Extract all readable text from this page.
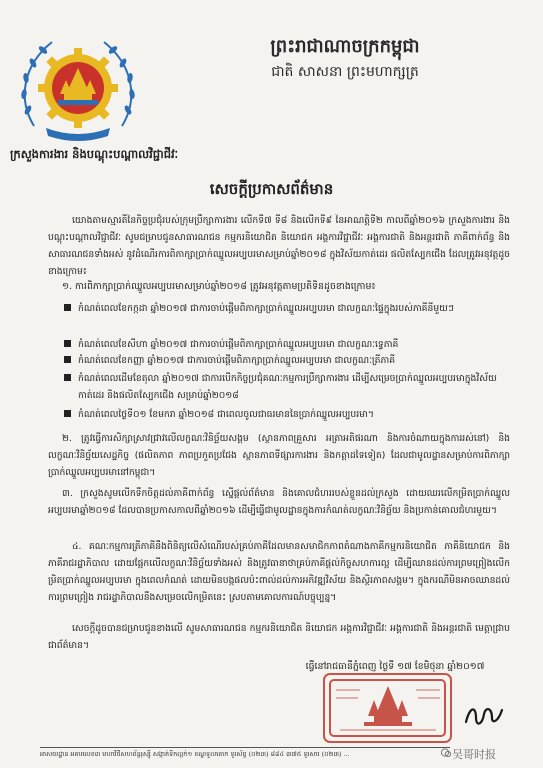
ព្រះរាជាណាចក្រកម្ពុជា
ជាតិ សាសនា ព្រះមហាក្សត្រ
ក្រសួងការងារ និងបណ្តុះបណ្តាលវិជ្ជាជីវៈ
សេចក្តីប្រកាសព័ត៌មាន
យោងតាមស្មារតីនៃកិច្ចប្រជុំរបស់ក្រុមប្រឹក្សាការងារ លើកទី៧ ទី៨ និងលើកទី៩ នៃអាណត្តិទី២ កាលពីឆ្នាំ២០១៦ ក្រសួងការងារ និងបណ្តុះបណ្តាលវិជ្ជាជីវៈ សូមជម្រាបជូនសាធារណជន កម្មករនិយោជិត និយោជក អង្គការវិជ្ជាជីវៈ អង្គការជាតិ និងអន្តរជាតិ ភាគីពាក់ព័ន្ធ និងសាធារណជនទាំងអស់ នូវដំណើរការពិភាក្សាប្រាក់ឈ្នួលអប្បបរមាសម្រាប់ឆ្នាំ២០១៨ ក្នុងវិស័យកាត់ដេរ ផលិតស្បែកជើង ដែលត្រូវអនុវត្តដូចខាងក្រោម៖
១. ការពិភាក្សាប្រាក់ឈ្នួលអប្បបរមាសម្រាប់ឆ្នាំ២០១៨ ត្រូវអនុវត្តតាមប្រតិទិនដូចខាងក្រោម៖
កំណត់ពេលខែកក្កដា ឆ្នាំ២០១៧ ជាការចាប់ផ្តើមពិភាក្សាប្រាក់ឈ្នួលអប្បបរមា ជាលក្ខណៈផ្ទៃក្នុងរបស់ភាគីនីមួយៗ
កំណត់ពេលខែសីហា ឆ្នាំ២០១៧ ជាការចាប់ផ្តើមពិភាក្សាប្រាក់ឈ្នួលអប្បបរមា ជាលក្ខណៈទ្វេភាគី
កំណត់ពេលខែកញ្ញា ឆ្នាំ២០១៧ ជាការចាប់ផ្តើមពិភាក្សាប្រាក់ឈ្នួលអប្បបរមា ជាលក្ខណៈត្រីភាគី
កំណត់ពេលដើមខែតុលា ឆ្នាំ២០១៧ ជាការបើកកិច្ចប្រជុំគណៈកម្មការប្រឹក្សាការងារ ដើម្បីសម្រេចប្រាក់ឈ្នួលអប្បបរមាក្នុងវិស័យកាត់ដេរ និងផលិតស្បែកជើង សម្រាប់ឆ្នាំ២០១៨
កំណត់ពេលថ្ងៃទី០១ ខែមករា ឆ្នាំ២០១៨ ជាពេលចូលជាធរមាននៃប្រាក់ឈ្នួលអប្បបរមា។
២. ត្រូវធ្វើការសិក្សាស្រាវជ្រាវលើលក្ខណៈវិនិច្ឆ័យសង្គម (ស្ថានភាពគ្រួសារ អត្រាអតិផរណា និងការចំណាយក្នុងការរស់នៅ) និងលក្ខណៈវិនិច្ឆ័យសេដ្ឋកិច្ច (ផលិតភាព ភាពប្រកួតប្រជែង ស្ថានភាពទីផ្សារការងារ និងកត្តាដទៃទៀត) ដែលជាមូលដ្ឋានសម្រាប់ការពិភាក្សាប្រាក់ឈ្នួលអប្បបរមានៅកម្ពុជា។
៣. ក្រសួងសូមលើកទឹកចិត្តដល់ភាគីពាក់ព័ន្ធ ស្នើផ្តល់ព័ត៌មាន និងគោលជំហររបស់ខ្លួនដល់ក្រសួង ដោយឈរលើកម្រិតប្រាក់ឈ្នួលអប្បបរមាឆ្នាំ២០១៨ ដែលបានប្រកាសកាលពីឆ្នាំ២០១៦ ដើម្បីធ្វើជាមូលដ្ឋានក្នុងការកំណត់លក្ខណៈវិនិច្ឆ័យ និងប្រកាន់គោលជំហរមួយ។
៤. គណៈកម្មការត្រីភាគីនឹងពិនិត្យលើសំណើរបស់គ្រប់ភាគីដែលមានសមាជិកភាពតំណាងភាគីកម្មករនិយោជិត ភាគីនិយោជក និងភាគីរាជរដ្ឋាភិបាល ដោយផ្អែកលើលក្ខណៈវិនិច្ឆ័យទាំងអស់ និងត្រូវធានាថាគ្រប់ភាគីផ្តល់កិច្ចសហការល្អ ដើម្បីឈានដល់ការព្រមព្រៀងលើកម្រិតប្រាក់ឈ្នួលអប្បបរមា ក្នុងពេលកំណត់ ដោយមិនបង្កផលប៉ះពាល់ដល់ការអភិវឌ្ឍវិស័យ និងស្ថិរភាពសង្គម។ ក្នុងករណីមិនអាចឈានដល់ការព្រមព្រៀង រាជរដ្ឋាភិបាលនឹងសម្រេចលើកម្រិតនេះ ស្របតាមគោលការណ៍បច្ចុប្បន្ន។
សេចក្តីដូចបានជម្រាបជូនខាងលើ សូមសាធារណជន កម្មករនិយោជិត និយោជក អង្គការវិជ្ជាជីវៈ អង្គការជាតិ និងអន្តរជាតិ មេត្តាជ្រាបជាព័ត៌មាន។
ធ្វើនៅរាជធានីភ្នំពេញ ថ្ងៃទី ១៧ ខែមិថុនា ឆ្នាំ២០១៧
អាសយដ្ឋាន អគារលេខ៣ មហាវិថីសហព័ន្ធរុស្ស៊ី សង្កាត់ទឹកល្អក់១ ខណ្ឌទួលគោក ទូរស័ព្ទ (០២៣) ៨៨៤ ៣៧៥ ទូរសារ (០២៣) ...	吴哥时报
